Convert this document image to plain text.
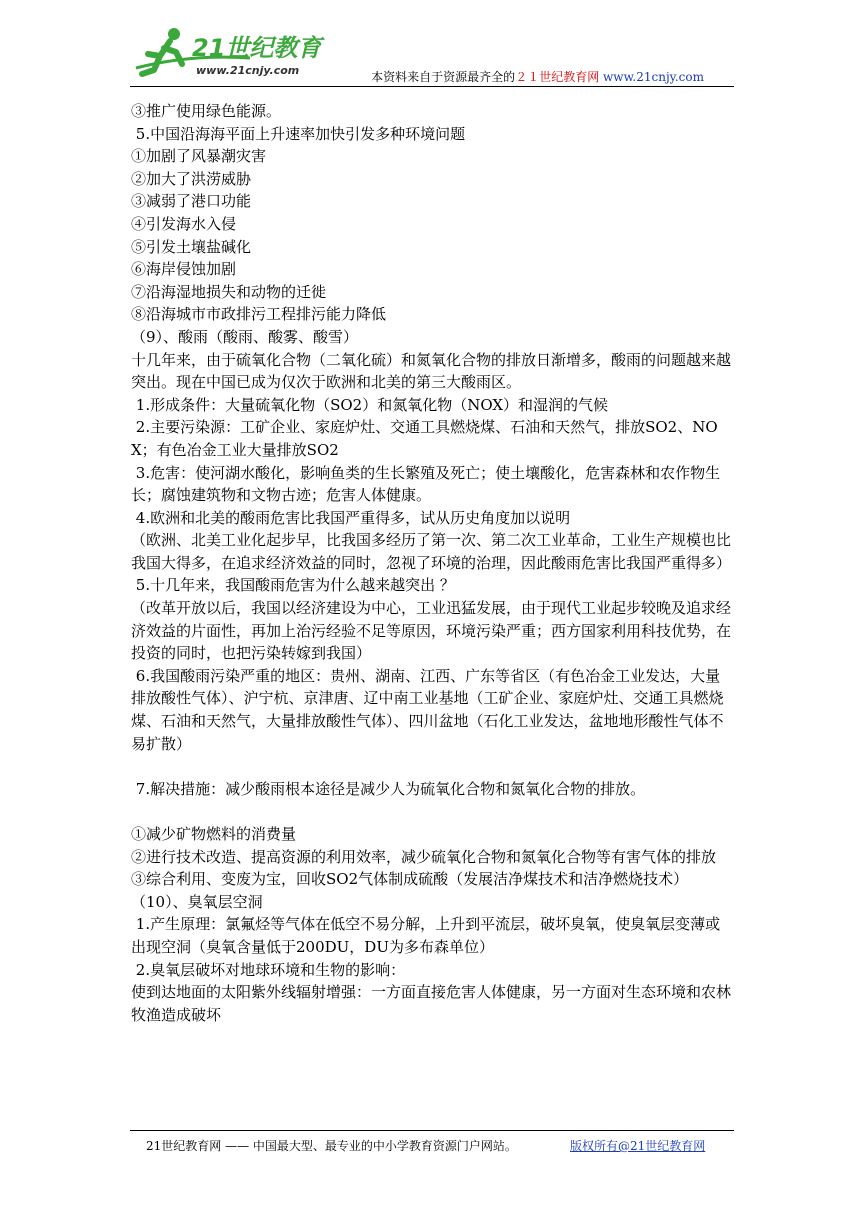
21世纪教育
www.21cnjy.com	本资料来自于资源最齐全的２１世纪教育网 www.21cnjy.com

③推广使用绿色能源。

5.中国沿海海平面上升速率加快引发多种环境问题

①加剧了风暴潮灾害

②加大了洪涝威胁

③减弱了港口功能

④引发海水入侵

⑤引发土壤盐碱化

⑥海岸侵蚀加剧

⑦沿海湿地损失和动物的迁徙

⑧沿海城市市政排污工程排污能力降低

（9）、酸雨（酸雨、酸雾、酸雪）

十几年来，由于硫氧化合物（二氧化硫）和氮氧化合物的排放日渐增多，酸雨的问题越来越突出。现在中国已成为仅次于欧洲和北美的第三大酸雨区。

1.形成条件：大量硫氧化物（SO2）和氮氧化物（NOX）和湿润的气候

2.主要污染源：工矿企业、家庭炉灶、交通工具燃烧煤、石油和天然气，排放SO2、NOX；有色冶金工业大量排放SO2

3.危害：使河湖水酸化，影响鱼类的生长繁殖及死亡；使土壤酸化，危害森林和农作物生长；腐蚀建筑物和文物古迹；危害人体健康。

4.欧洲和北美的酸雨危害比我国严重得多，试从历史角度加以说明

（欧洲、北美工业化起步早，比我国多经历了第一次、第二次工业革命，工业生产规模也比我国大得多，在追求经济效益的同时，忽视了环境的治理，因此酸雨危害比我国严重得多）

5.十几年来，我国酸雨危害为什么越来越突出 ？

（改革开放以后，我国以经济建设为中心，工业迅猛发展，由于现代工业起步较晚及追求经济效益的片面性，再加上治污经验不足等原因，环境污染严重；西方国家利用科技优势，在投资的同时，也把污染转嫁到我国）

6.我国酸雨污染严重的地区：贵州、湖南、江西、广东等省区（有色冶金工业发达，大量排放酸性气体）、沪宁杭、京津唐、辽中南工业基地（工矿企业、家庭炉灶、交通工具燃烧煤、石油和天然气，大量排放酸性气体）、四川盆地（石化工业发达，盆地地形酸性气体不易扩散）

7.解决措施：减少酸雨根本途径是减少人为硫氧化合物和氮氧化合物的排放。

①减少矿物燃料的消费量

②进行技术改造、提高资源的利用效率，减少硫氧化合物和氮氧化合物等有害气体的排放

③综合利用、变废为宝，回收SO2气体制成硫酸（发展洁净煤技术和洁净燃烧技术）

（10）、臭氧层空洞

1.产生原理：氯氟烃等气体在低空不易分解，上升到平流层，破坏臭氧，使臭氧层变薄或出现空洞（臭氧含量低于200DU，DU为多布森单位）

2.臭氧层破坏对地球环境和生物的影响：

使到达地面的太阳紫外线辐射增强：一方面直接危害人体健康，另一方面对生态环境和农林牧渔造成破坏

21世纪教育网 —— 中国最大型、最专业的中小学教育资源门户网站。	版权所有@21世纪教育网
